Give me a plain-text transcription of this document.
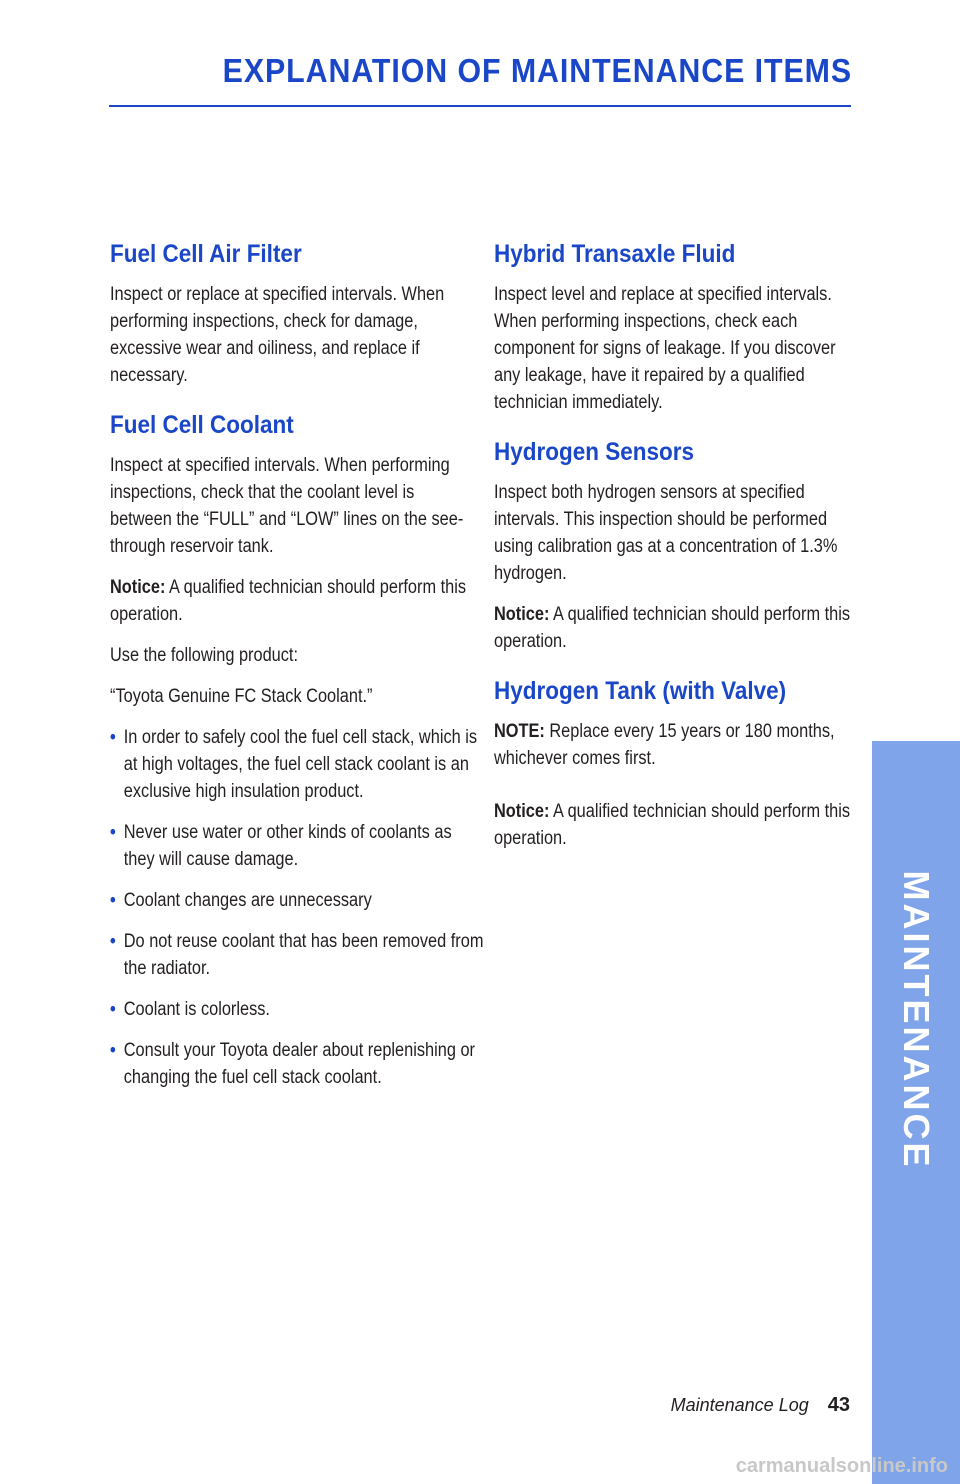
EXPLANATION OF MAINTENANCE ITEMS
Fuel Cell Air Filter

Inspect or replace at specified intervals. When performing inspections, check for damage, excessive wear and oiliness, and replace if necessary.

Fuel Cell Coolant

Inspect at specified intervals. When performing inspections, check that the coolant level is between the “FULL” and “LOW” lines on the see-through reservoir tank.

Notice: A qualified technician should perform this operation.

Use the following product:

“Toyota Genuine FC Stack Coolant.”

• In order to safely cool the fuel cell stack, which is at high voltages, the fuel cell stack coolant is an exclusive high insulation product.
• Never use water or other kinds of coolants as they will cause damage.
• Coolant changes are unnecessary
• Do not reuse coolant that has been removed from the radiator.
• Coolant is colorless.
• Consult your Toyota dealer about replenishing or changing the fuel cell stack coolant.
Hybrid Transaxle Fluid

Inspect level and replace at specified intervals. When performing inspections, check each component for signs of leakage. If you discover any leakage, have it repaired by a qualified technician immediately.

Hydrogen Sensors

Inspect both hydrogen sensors at specified intervals. This inspection should be performed using calibration gas at a concentration of 1.3% hydrogen.

Notice: A qualified technician should perform this operation.

Hydrogen Tank (with Valve)

NOTE: Replace every 15 years or 180 months, whichever comes first.

Notice: A qualified technician should perform this operation.

MAINTENANCE
Maintenance Log 43
carmanualsonline.info
